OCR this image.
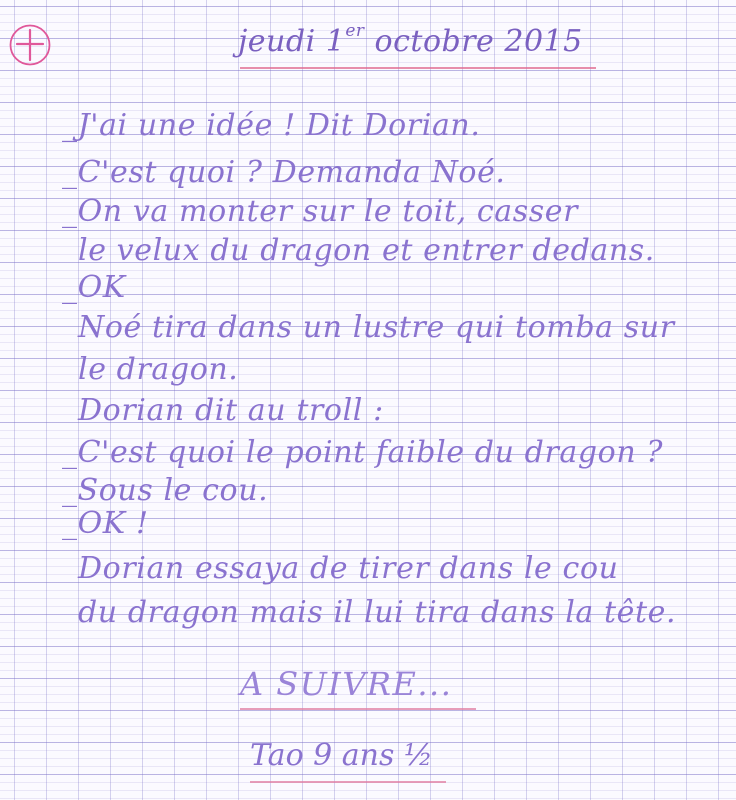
jeudi 1er octobre 2015
_J'ai une idée ! Dit Dorian.
_C'est quoi ? Demanda Noé.
_On va monter sur le toit, casser
le velux du dragon et entrer dedans.
_OK
Noé tira dans un lustre qui tomba sur
le dragon.
Dorian dit au troll :
_C'est quoi le point faible du dragon ?
_Sous le cou.
_OK !
Dorian essaya de tirer dans le cou
du dragon mais il lui tira dans la tête.
A SUIVRE...
Tao 9 ans ½
